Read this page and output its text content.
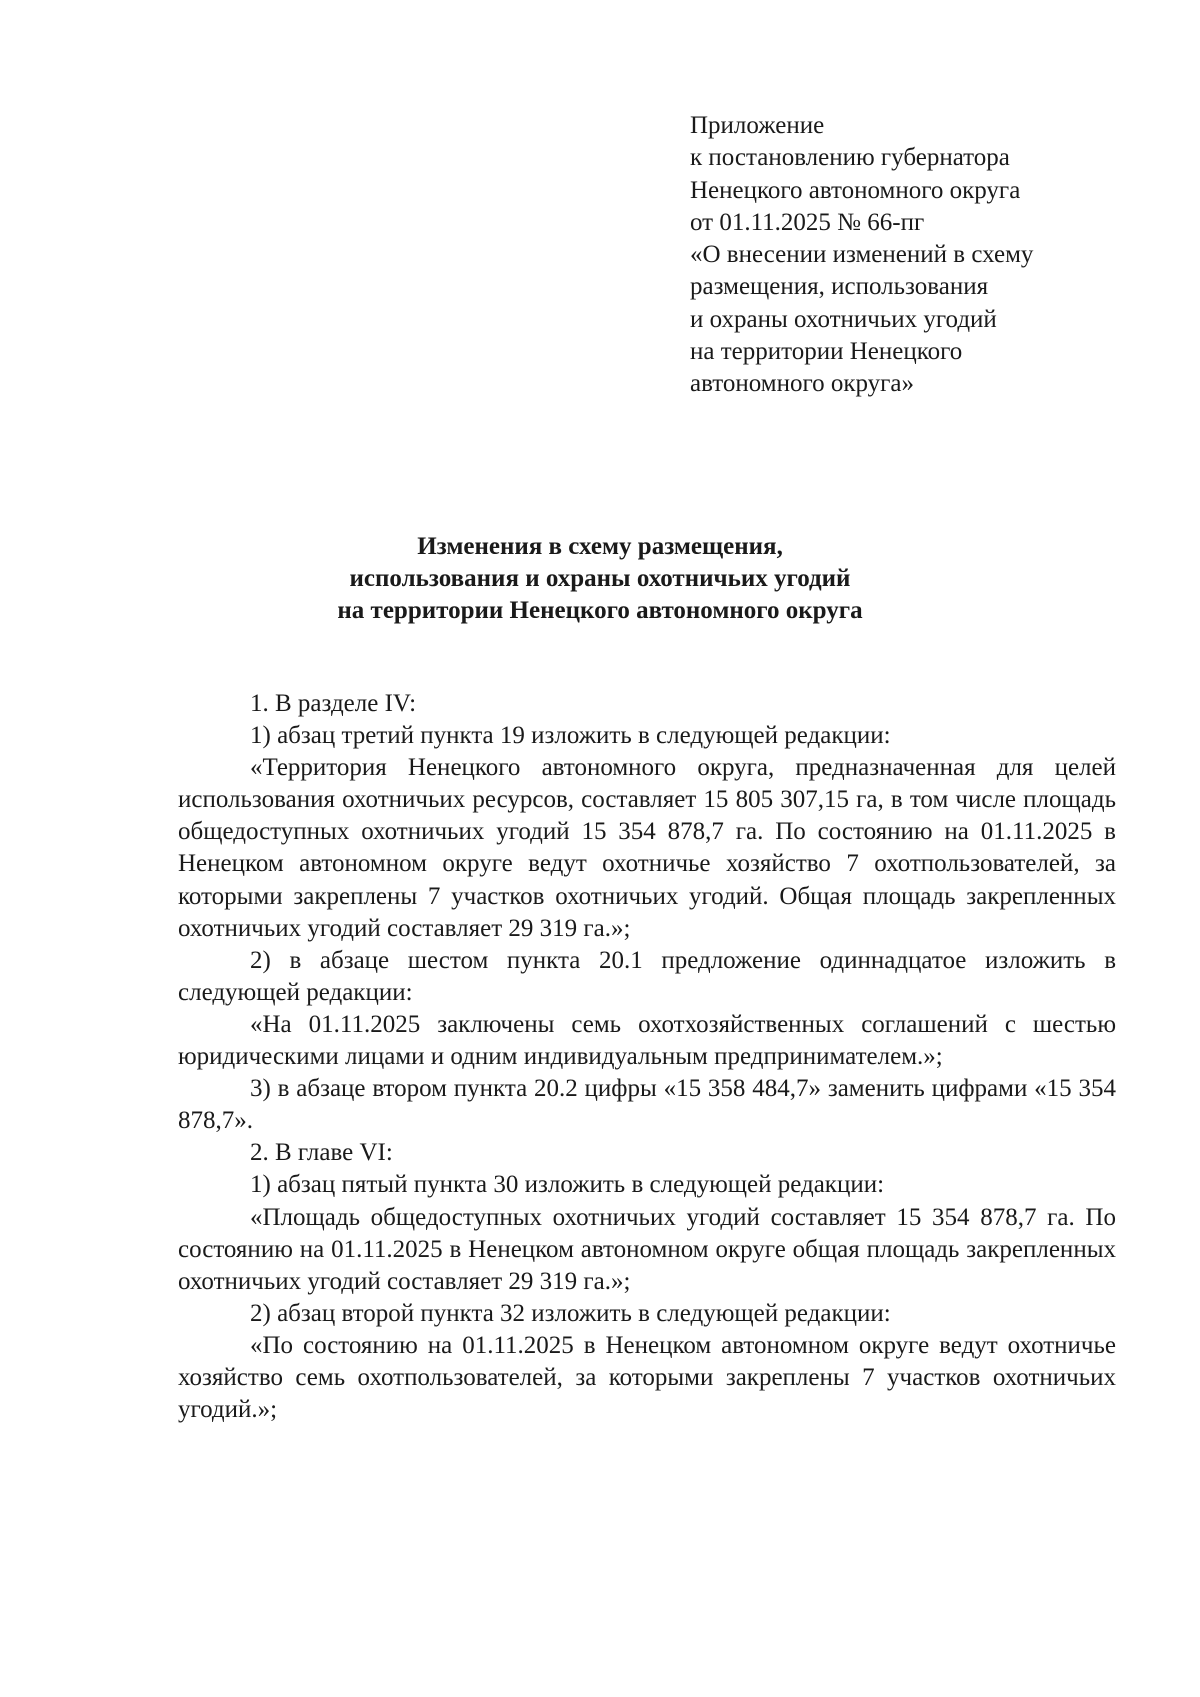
Приложение
к постановлению губернатора
Ненецкого автономного округа
от 01.11.2025 № 66-пг
«О внесении изменений в схему
размещения, использования
и охраны охотничьих угодий
на территории Ненецкого
автономного округа»
Изменения в схему размещения,
использования и охраны охотничьих угодий
на территории Ненецкого автономного округа

1. В разделе IV:

1) абзац третий пункта 19 изложить в следующей редакции:

«Территория Ненецкого автономного округа, предназначенная для целей использования охотничьих ресурсов, составляет 15 805 307,15 га, в том числе площадь общедоступных охотничьих угодий 15 354 878,7 га. По состоянию на 01.11.2025 в Ненецком автономном округе ведут охотничье хозяйство 7 охотпользователей, за которыми закреплены 7 участков охотничьих угодий. Общая площадь закрепленных охотничьих угодий составляет 29 319 га.»;

2) в абзаце шестом пункта 20.1 предложение одиннадцатое изложить в следующей редакции:

«На 01.11.2025 заключены семь охотхозяйственных соглашений с шестью юридическими лицами и одним индивидуальным предпринимателем.»;

3) в абзаце втором пункта 20.2 цифры «15 358 484,7» заменить цифрами «15 354 878,7».

2. В главе VI:

1) абзац пятый пункта 30 изложить в следующей редакции:

«Площадь общедоступных охотничьих угодий составляет 15 354 878,7 га. По состоянию на 01.11.2025 в Ненецком автономном округе общая площадь закрепленных охотничьих угодий составляет 29 319 га.»;

2) абзац второй пункта 32 изложить в следующей редакции:

«По состоянию на 01.11.2025 в Ненецком автономном округе ведут охотничье хозяйство семь охотпользователей, за которыми закреплены 7 участков охотничьих угодий.»;
